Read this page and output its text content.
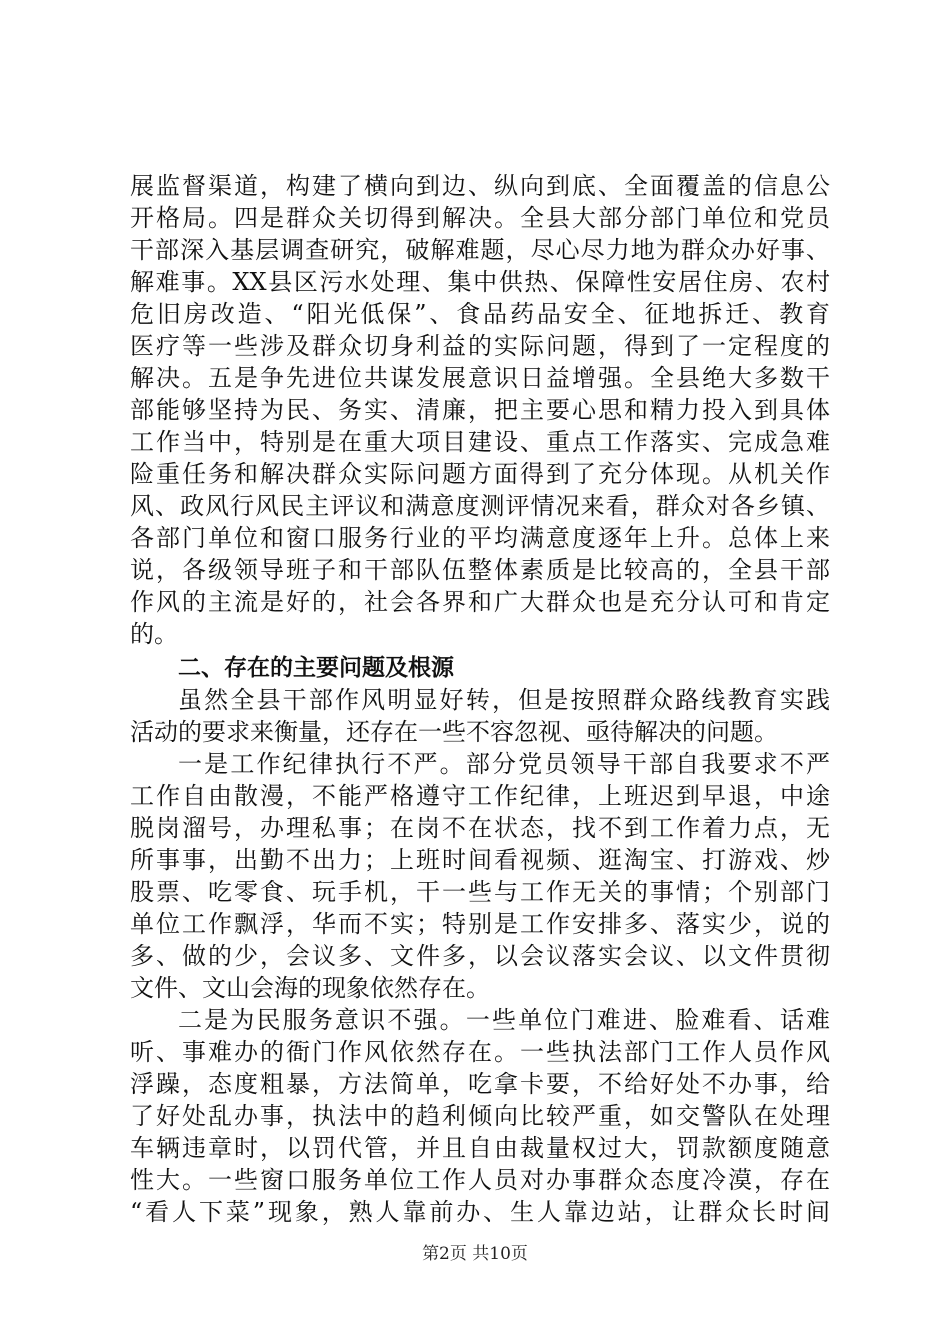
展监督渠道，构建了横向到边、纵向到底、全面覆盖的信息公
开格局。四是群众关切得到解决。全县大部分部门单位和党员
干部深入基层调查研究，破解难题，尽心尽力地为群众办好事、
解难事。XX县区污水处理、集中供热、保障性安居住房、农村
危旧房改造、“阳光低保”、食品药品安全、征地拆迁、教育
医疗等一些涉及群众切身利益的实际问题，得到了一定程度的
解决。五是争先进位共谋发展意识日益增强。全县绝大多数干
部能够坚持为民、务实、清廉，把主要心思和精力投入到具体
工作当中，特别是在重大项目建设、重点工作落实、完成急难
险重任务和解决群众实际问题方面得到了充分体现。从机关作
风、政风行风民主评议和满意度测评情况来看，群众对各乡镇、
各部门单位和窗口服务行业的平均满意度逐年上升。总体上来
说，各级领导班子和干部队伍整体素质是比较高的，全县干部
作风的主流是好的，社会各界和广大群众也是充分认可和肯定
的。
二、存在的主要问题及根源
虽然全县干部作风明显好转，但是按照群众路线教育实践
活动的要求来衡量，还存在一些不容忽视、亟待解决的问题。
一是工作纪律执行不严。部分党员领导干部自我要求不严
工作自由散漫，不能严格遵守工作纪律，上班迟到早退，中途
脱岗溜号，办理私事；在岗不在状态，找不到工作着力点，无
所事事，出勤不出力；上班时间看视频、逛淘宝、打游戏、炒
股票、吃零食、玩手机，干一些与工作无关的事情；个别部门
单位工作飘浮，华而不实；特别是工作安排多、落实少，说的
多、做的少，会议多、文件多，以会议落实会议、以文件贯彻
文件、文山会海的现象依然存在。
二是为民服务意识不强。一些单位门难进、脸难看、话难
听、事难办的衙门作风依然存在。一些执法部门工作人员作风
浮躁，态度粗暴，方法简单，吃拿卡要，不给好处不办事，给
了好处乱办事，执法中的趋利倾向比较严重，如交警队在处理
车辆违章时，以罚代管，并且自由裁量权过大，罚款额度随意
性大。一些窗口服务单位工作人员对办事群众态度冷漠，存在
“看人下菜”现象，熟人靠前办、生人靠边站，让群众长时间
第2页 共10页
